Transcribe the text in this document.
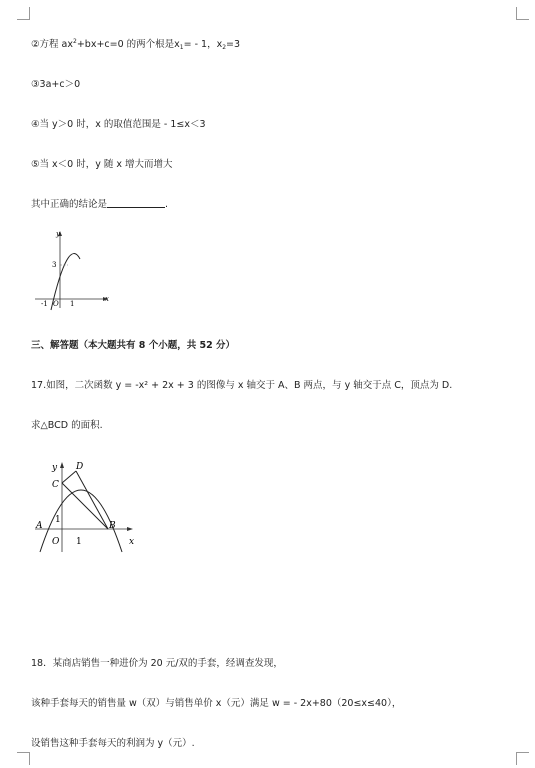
②方程 $ax^2+bx+c=0$ 的两个根是$x_1= - 1$，$x_2=3$
③3a+c＞0
④当 y＞0 时，x 的取值范围是 - 1≤x＜3
⑤当 x＜0 时，y 随 x 增大而增大
其中正确的结论是	.
y
x
3
-1 O 1
三、解答题（本大题共有 8 个小题，共 52 分）
17.如图，二次函数 y = -x² + 2x + 3 的图像与 x 轴交于 A、B 两点，与 y 轴交于点 C，顶点为 D.
求△BCD 的面积.
y
x
A	B
C
D
O 1
1
18．某商店销售一种进价为 20 元/双的手套，经调查发现，
该种手套每天的销售量 w（双）与销售单价 x（元）满足 w = - 2x+80（20≤x≤40），
设销售这种手套每天的利润为 y（元）.
